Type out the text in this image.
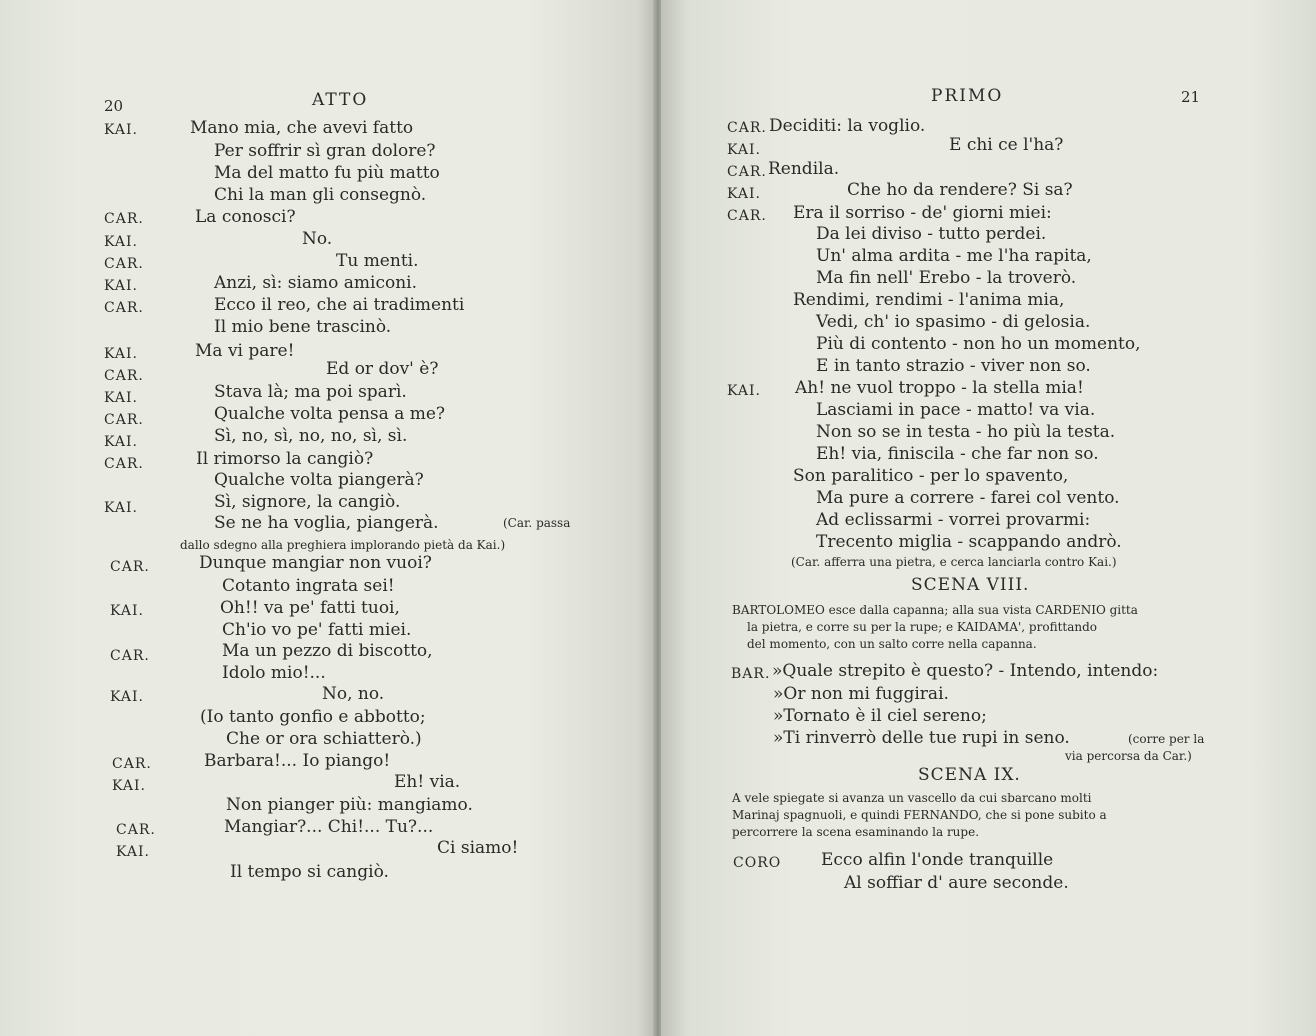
20	ATTO
KAI.	Mano mia, che avevi fatto
Per soffrir sì gran dolore?
Ma del matto fu più matto
Chi la man gli consegnò.
CAR.	La conosci?
KAI.	No.
CAR.	Tu menti.
KAI.	Anzi, sì: siamo amiconi.
CAR.	Ecco il reo, che ai tradimenti
Il mio bene trascinò.
KAI.	Ma vi pare!
CAR.	Ed or dov' è?
KAI.	Stava là; ma poi sparì.
CAR.	Qualche volta pensa a me?
KAI.	Sì, no, sì, no, no, sì, sì.
CAR.	Il rimorso la cangiò?
Qualche volta piangerà?
KAI.	Sì, signore, la cangiò.
Se ne ha voglia, piangerà.	(Car. passa
dallo sdegno alla preghiera implorando pietà da Kai.)
CAR.	Dunque mangiar non vuoi?
Cotanto ingrata sei!
KAI.	Oh!! va pe' fatti tuoi,
Ch'io vo pe' fatti miei.
CAR.	Ma un pezzo di biscotto,
Idolo mio!...
KAI.	No, no.
(Io tanto gonfio e abbotto;
Che or ora schiatterò.)
CAR.	Barbara!... Io piango!
KAI.	Eh! via.
Non pianger più: mangiamo.
CAR.	Mangiar?... Chi!... Tu?...
KAI.	Ci siamo!
Il tempo si cangiò.
PRIMO	21
CAR. Deciditi: la voglio.
KAI.	E chi ce l'ha?
CAR. Rendila.
KAI.	Che ho da rendere? Si sa?
CAR. Era il sorriso - de' giorni miei:
Da lei diviso - tutto perdei.
Un' alma ardita - me l'ha rapita,
Ma fin nell' Erebo - la troverò.
Rendimi, rendimi - l'anima mia,
Vedi, ch' io spasimo - di gelosia.
Più di contento - non ho un momento,
E in tanto strazio - viver non so.
KAI. Ah! ne vuol troppo - la stella mia!
Lasciami in pace - matto! va via.
Non so se in testa - ho più la testa.
Eh! via, finiscila - che far non so.
Son paralitico - per lo spavento,
Ma pure a correre - farei col vento.
Ad eclissarmi - vorrei provarmi:
Trecento miglia - scappando andrò.
(Car. afferra una pietra, e cerca lanciarla contro Kai.)
SCENA VIII.
BARTOLOMEO esce dalla capanna; alla sua vista CARDENIO gitta
la pietra, e corre su per la rupe; e KAIDAMA', profittando
del momento, con un salto corre nella capanna.
BAR. »Quale strepito è questo? - Intendo, intendo:
»Or non mi fuggirai.
»Tornato è il ciel sereno;
»Ti rinverrò delle tue rupi in seno.	(corre per la
via percorsa da Car.)
SCENA IX.
A vele spiegate si avanza un vascello da cui sbarcano molti
Marinaj spagnuoli, e quindi FERNANDO, che si pone subito a
percorrere la scena esaminando la rupe.
CORO Ecco alfin l'onde tranquille
Al soffiar d' aure seconde.
